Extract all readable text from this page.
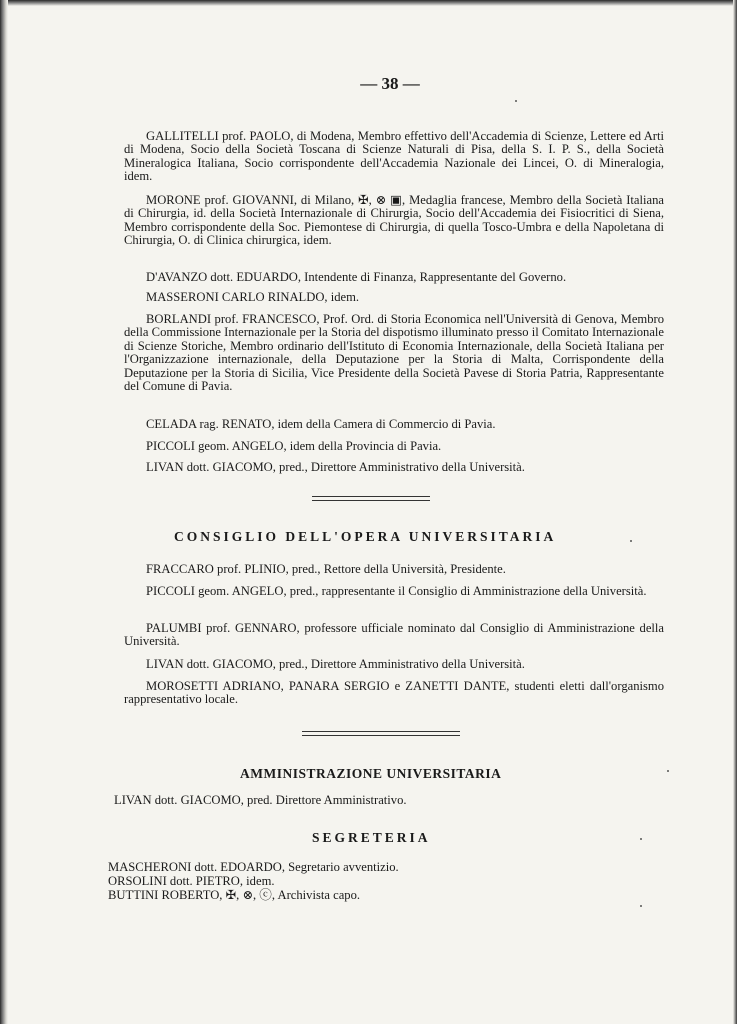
— 38 —

GALLITELLI prof. PAOLO, di Modena, Membro effettivo dell'Accademia di Scienze, Lettere ed Arti di Modena, Socio della Società Toscana di Scienze Naturali di Pisa, della S. I. P. S., della Società Mineralogica Italiana, Socio corrispondente dell'Accademia Nazionale dei Lincei, O. di Mineralogia, idem.

MORONE prof. GIOVANNI, di Milano, ✠, ⊗ ▣, Medaglia francese, Membro della Società Italiana di Chirurgia, id. della Società Internazionale di Chirurgia, Socio dell'Accademia dei Fisiocritici di Siena, Membro corrispondente della Soc. Piemontese di Chirurgia, di quella Tosco-Umbra e della Napoletana di Chirurgia, O. di Clinica chirurgica, idem.

D'AVANZO dott. EDUARDO, Intendente di Finanza, Rappresentante del Governo.

MASSERONI CARLO RINALDO, idem.

BORLANDI prof. FRANCESCO, Prof. Ord. di Storia Economica nell'Università di Genova, Membro della Commissione Internazionale per la Storia del dispotismo illuminato presso il Comitato Internazionale di Scienze Storiche, Membro ordinario dell'Istituto di Economia Internazionale, della Società Italiana per l'Organizzazione internazionale, della Deputazione per la Storia di Malta, Corrispondente della Deputazione per la Storia di Sicilia, Vice Presidente della Società Pavese di Storia Patria, Rappresentante del Comune di Pavia.

CELADA rag. RENATO, idem della Camera di Commercio di Pavia.

PICCOLI geom. ANGELO, idem della Provincia di Pavia.

LIVAN dott. GIACOMO, pred., Direttore Amministrativo della Università.

CONSIGLIO DELL'OPERA UNIVERSITARIA

FRACCARO prof. PLINIO, pred., Rettore della Università, Presidente.

PICCOLI geom. ANGELO, pred., rappresentante il Consiglio di Amministrazione della Università.

PALUMBI prof. GENNARO, professore ufficiale nominato dal Consiglio di Amministrazione della Università.

LIVAN dott. GIACOMO, pred., Direttore Amministrativo della Università.

MOROSETTI ADRIANO, PANARA SERGIO e ZANETTI DANTE, studenti eletti dall'organismo rappresentativo locale.

AMMINISTRAZIONE UNIVERSITARIA

LIVAN dott. GIACOMO, pred. Direttore Amministrativo.

SEGRETERIA
MASCHERONI dott. EDOARDO, Segretario avventizio.
ORSOLINI dott. PIETRO, idem.
BUTTINI ROBERTO, ✠, ⊗, ⓒ, Archivista capo.
